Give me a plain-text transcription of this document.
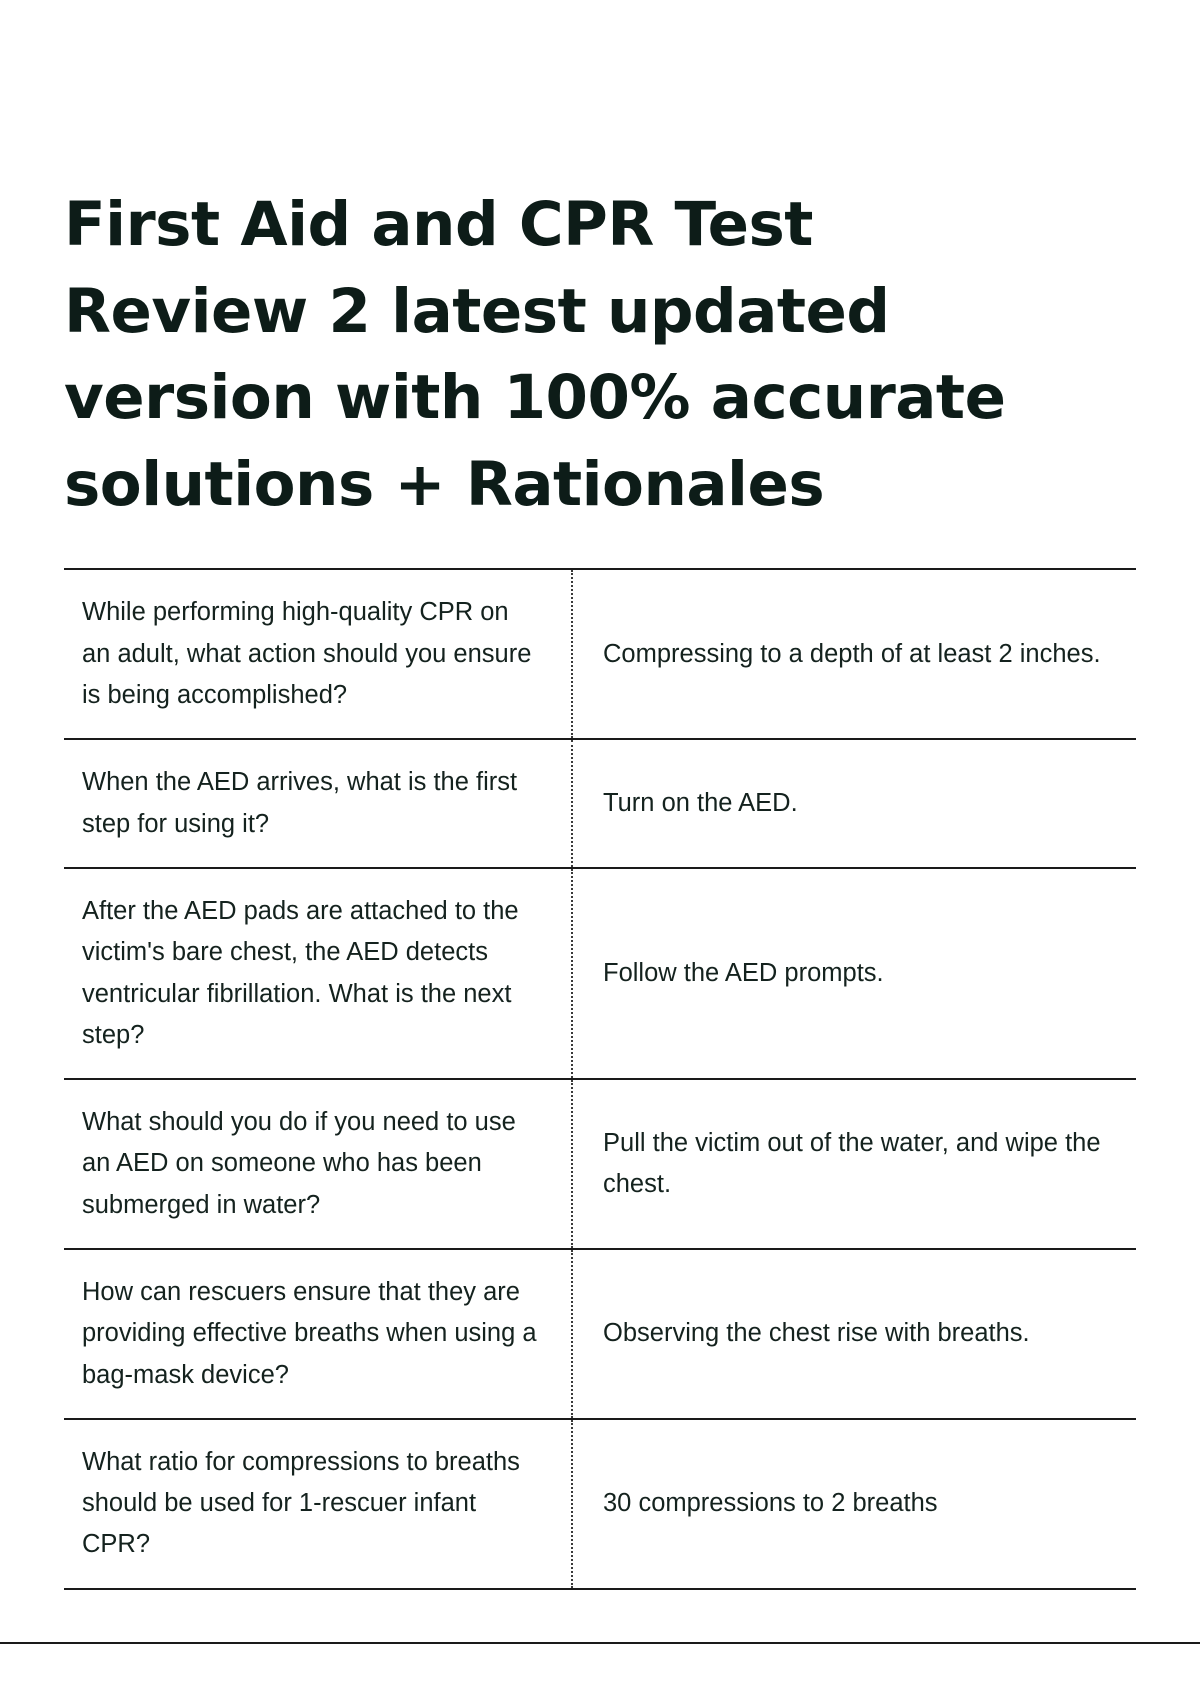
First Aid and CPR Test Review 2 latest updated version with 100% accurate solutions + Rationales
While performing high-quality CPR on an adult, what action should you ensure is being accomplished?	Compressing to a depth of at least 2 inches.
When the AED arrives, what is the first step for using it?	Turn on the AED.
After the AED pads are attached to the victim's bare chest, the AED detects ventricular fibrillation. What is the next step?	Follow the AED prompts.
What should you do if you need to use an AED on someone who has been submerged in water?	Pull the victim out of the water, and wipe the chest.
How can rescuers ensure that they are providing effective breaths when using a bag-mask device?	Observing the chest rise with breaths.
What ratio for compressions to breaths should be used for 1-rescuer infant CPR?	30 compressions to 2 breaths
